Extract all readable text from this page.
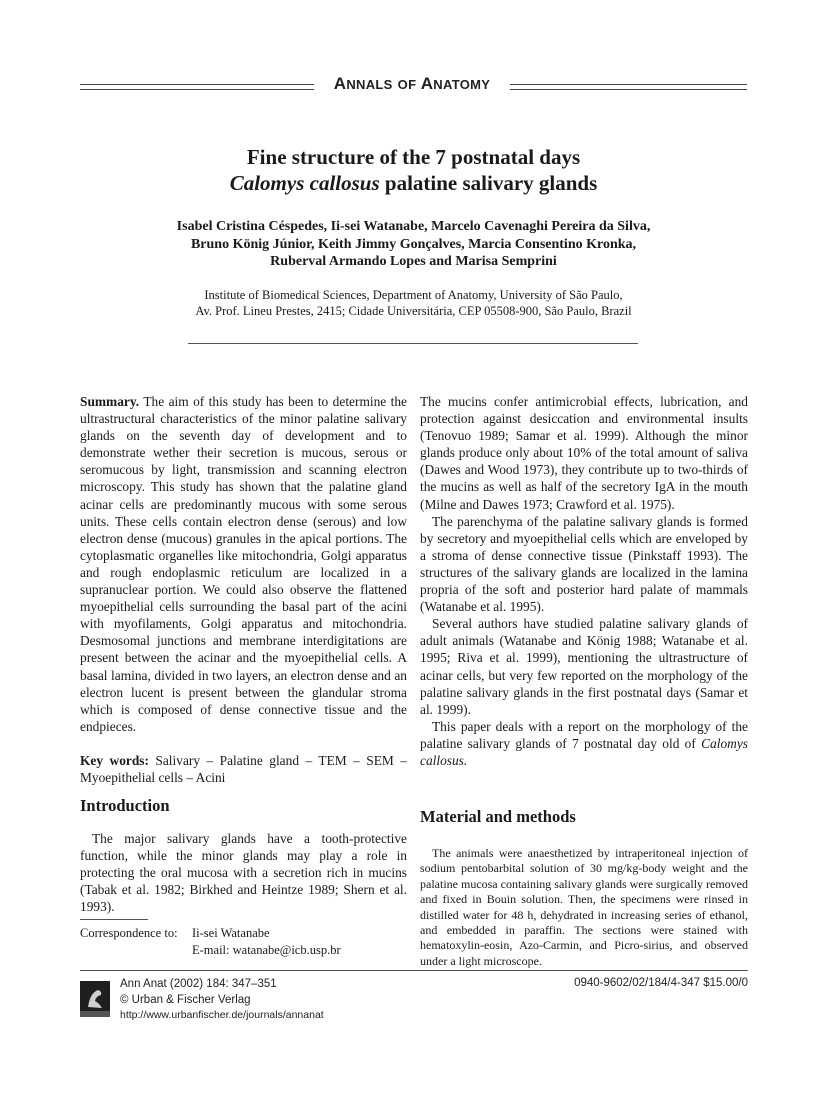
ANNALS OF ANATOMY
Fine structure of the 7 postnatal days
Calomys callosus palatine salivary glands
Isabel Cristina Céspedes, Ii-sei Watanabe, Marcelo Cavenaghi Pereira da Silva,
Bruno König Júnior, Keith Jimmy Gonçalves, Marcia Consentino Kronka,
Ruberval Armando Lopes and Marisa Semprini
Institute of Biomedical Sciences, Department of Anatomy, University of São Paulo,
Av. Prof. Lineu Prestes, 2415; Cidade Universitária, CEP 05508-900, São Paulo, Brazil

Summary. The aim of this study has been to determine the ultrastructural characteristics of the minor palatine salivary glands on the seventh day of development and to demonstrate wether their secretion is mucous, serous or seromucous by light, transmission and scanning electron microscopy. This study has shown that the palatine gland acinar cells are predominantly mucous with some serous units. These cells contain electron dense (serous) and low electron dense (mucous) granules in the apical portions. The cytoplasmatic organelles like mitochondria, Golgi apparatus and rough endoplasmic reticulum are localized in a supranuclear portion. We could also observe the flattened myoepithelial cells surrounding the basal part of the acini with myofilaments, Golgi apparatus and mitochondria. Desmosomal junctions and membrane interdigitations are present between the acinar and the myoepithelial cells. A basal lamina, divided in two layers, an electron dense and an electron lucent is present between the glandular stroma which is composed of dense connective tissue and the endpieces.

Key words: Salivary – Palatine gland – TEM – SEM – Myoepithelial cells – Acini

Introduction

The major salivary glands have a tooth-protective function, while the minor glands may play a role in protecting the oral mucosa with a secretion rich in mucins (Tabak et al. 1982; Birkhed and Heintze 1989; Shern et al. 1993).

Correspondence to: Ii-sei Watanabe
E-mail: watanabe@icb.usp.br

The mucins confer antimicrobial effects, lubrication, and protection against desiccation and environmental insults (Tenovuo 1989; Samar et al. 1999). Although the minor glands produce only about 10% of the total amount of saliva (Dawes and Wood 1973), they contribute up to two-thirds of the mucins as well as half of the secretory IgA in the mouth (Milne and Dawes 1973; Crawford et al. 1975).

The parenchyma of the palatine salivary glands is formed by secretory and myoepithelial cells which are enveloped by a stroma of dense connective tissue (Pinkstaff 1993). The structures of the salivary glands are localized in the lamina propria of the soft and posterior hard palate of mammals (Watanabe et al. 1995).

Several authors have studied palatine salivary glands of adult animals (Watanabe and König 1988; Watanabe et al. 1995; Riva et al. 1999), mentioning the ultrastructure of acinar cells, but very few reported on the morphology of the palatine salivary glands in the first postnatal days (Samar et al. 1999).

This paper deals with a report on the morphology of the palatine salivary glands of 7 postnatal day old of Calomys callosus.

Material and methods

The animals were anaesthetized by intraperitoneal injection of sodium pentobarbital solution of 30 mg/kg-body weight and the palatine mucosa containing salivary glands were surgically removed and fixed in Bouin solution. Then, the specimens were rinsed in distilled water for 48 h, dehydrated in increasing series of ethanol, and embedded in paraffin. The sections were stained with hematoxylin-eosin, Azo-Carmin, and Picro-sirius, and observed under a light microscope.

Ann Anat (2002) 184: 347–351
© Urban & Fischer Verlag
http://www.urbanfischer.de/journals/annanat
0940-9602/02/184/4-347 $15.00/0
